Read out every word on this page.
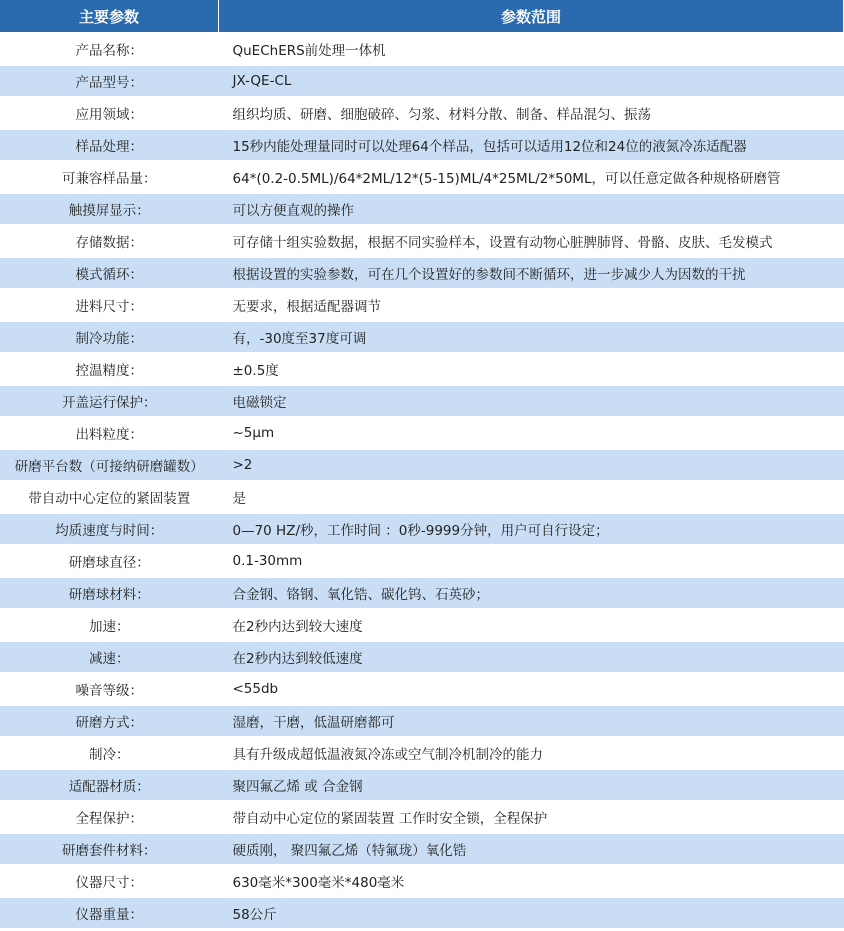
主要参数	参数范围
产品名称：	QuEChERS前处理一体机
产品型号：	JX-QE-CL
应用领域：	组织均质、研磨、细胞破碎、匀浆、材料分散、制备、样品混匀、振荡
样品处理：	15秒内能处理量同时可以处理64个样品，包括可以适用12位和24位的液氮冷冻适配器
可兼容样品量：	64*(0.2-0.5ML)/64*2ML/12*(5-15)ML/4*25ML/2*50ML，可以任意定做各种规格研磨管
触摸屏显示：	可以方便直观的操作
存储数据：	可存储十组实验数据，根据不同实验样本，设置有动物心脏脾肺肾、骨骼、皮肤、毛发模式
模式循环：	根据设置的实验参数，可在几个设置好的参数间不断循环，进一步减少人为因数的干扰
进料尺寸：	无要求，根据适配器调节
制冷功能：	有，-30度至37度可调
控温精度：	±0.5度
开盖运行保护：	电磁锁定
出料粒度：	~5μm
研磨平台数（可接纳研磨罐数）	>2
带自动中心定位的紧固装置	是
均质速度与时间：	0—70 HZ/秒，工作时间 ：0秒-9999分钟，用户可自行设定；
研磨球直径：	0.1-30mm
研磨球材料：	合金钢、铬钢、氧化锆、碳化钨、石英砂；
加速：	在2秒内达到较大速度
减速：	在2秒内达到较低速度
噪音等级：	<55db
研磨方式：	湿磨，干磨，低温研磨都可
制冷：	具有升级成超低温液氮冷冻或空气制冷机制冷的能力
适配器材质：	聚四氟乙烯 或 合金钢
全程保护：	带自动中心定位的紧固装置 工作时安全锁，全程保护
研磨套件材料：	硬质刚， 聚四氟乙烯（特氟珑）氧化锆
仪器尺寸：	630毫米*300毫米*480毫米
仪器重量：	58公斤
